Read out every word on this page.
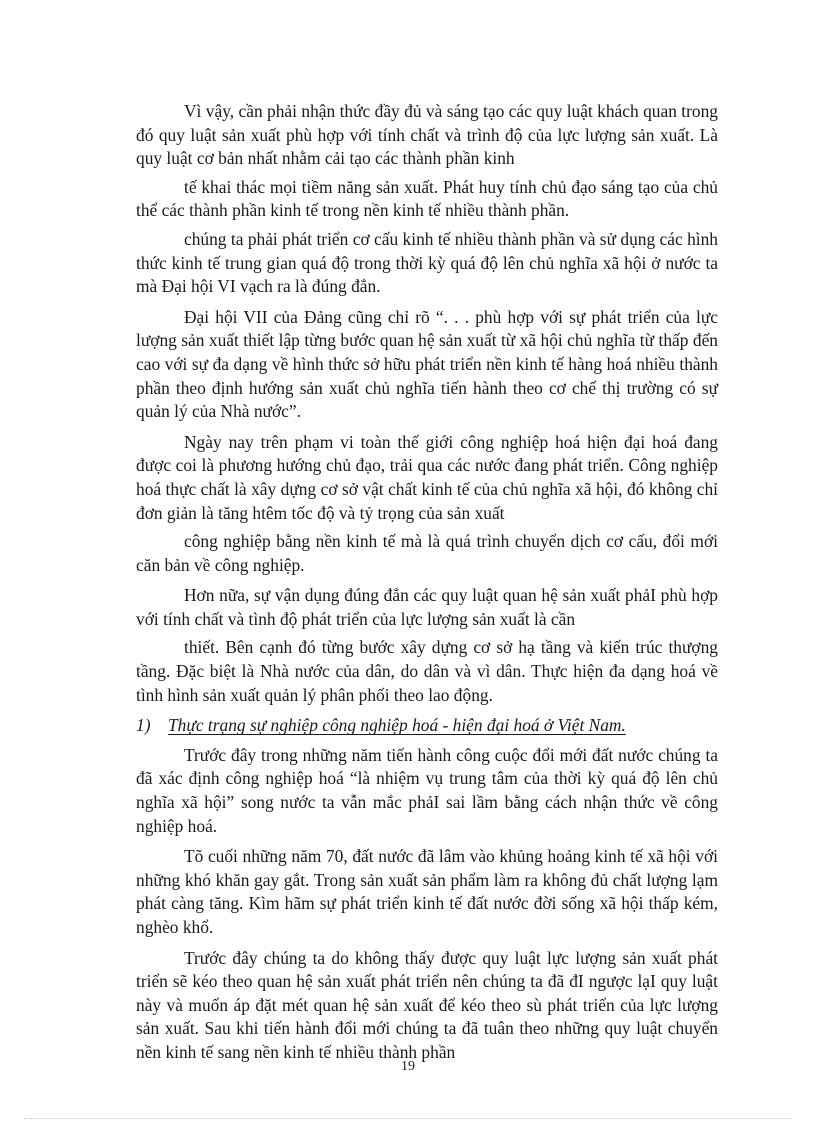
Vì vậy, cần phải nhận thức đầy đủ và sáng tạo các quy luật khách quan trong đó quy luật sản xuất phù hợp với tính chất và trình độ của lực lượng sản xuất. Là quy luật cơ bản nhất nhằm cải tạo các thành phần kinh

tế khai thác mọi tiềm năng sản xuất. Phát huy tính chủ đạo sáng tạo của chủ thể các thành phần kinh tế trong nền kinh tế nhiều thành phần.

chúng ta phải phát triển cơ cấu kinh tế nhiều thành phần và sử dụng các hình thức kinh tế trung gian quá độ trong thời kỳ quá độ lên chủ nghĩa xã hội ở nước ta mà Đại hội VI vạch ra là đúng đắn.

Đại hội VII của Đảng cũng chỉ rõ “. . . phù hợp với sự phát triển của lực lượng sản xuất thiết lập từng bước quan hệ sản xuất từ xã hội chủ nghĩa từ thấp đến cao với sự đa dạng về hình thức sở hữu phát triển nền kinh tế hàng hoá nhiều thành phần theo định hướng sản xuất chủ nghĩa tiến hành theo cơ chế thị trường có sự quản lý của Nhà nước”.

Ngày nay trên phạm vi toàn thế giới công nghiệp hoá hiện đại hoá đang được coi là phương hướng chủ đạo, trải qua các nước đang phát triển. Công nghiệp hoá thực chất là xây dựng cơ sở vật chất kinh tế của chủ nghĩa xã hội, đó không chỉ đơn giản là tăng htêm tốc độ và tỷ trọng của sản xuất

công nghiệp bằng nền kinh tế mà là quá trình chuyển dịch cơ cấu, đổi mới căn bản về công nghiệp.

Hơn nữa, sự vận dụng đúng đắn các quy luật quan hệ sản xuất phảI phù hợp với tính chất và tình độ phát triển của lực lượng sản xuất là cần

thiết. Bên cạnh đó từng bước xây dựng cơ sở hạ tầng và kiến trúc thượng tầng. Đặc biệt là Nhà nước của dân, do dân và vì dân. Thực hiện đa dạng hoá về tình hình sản xuất quản lý phân phối theo lao động.

1) Thực trạng sự nghiệp công nghiệp hoá - hiện đại hoá ở Việt Nam.

Trước đây trong những năm tiến hành công cuộc đổi mới đất nước chúng ta đã xác định công nghiệp hoá “là nhiệm vụ trung tâm của thời kỳ quá độ lên chủ nghĩa xã hội” song nước ta vẫn mắc phảI sai lầm bằng cách nhận thức về công nghiệp hoá.

Tõ cuối những năm 70, đất nước đã lâm vào khủng hoảng kinh tế xã hội với những khó khăn gay gắt. Trong sản xuất sản phẩm làm ra không đủ chất lượng lạm phát càng tăng. Kìm hãm sự phát triển kinh tế đất nước đời sống xã hội thấp kém, nghèo khổ.

Trước đây chúng ta do không thấy được quy luật lực lượng sản xuất phát triển sẽ kéo theo quan hệ sản xuất phát triển nên chúng ta đã đI ngược lạI quy luật này và muốn áp đặt mét quan hệ sản xuất để kéo theo sù phát triển của lực lượng sản xuất. Sau khi tiến hành đổi mới chúng ta đã tuân theo những quy luật chuyển nền kinh tế sang nền kinh tế nhiều thành phần

19
